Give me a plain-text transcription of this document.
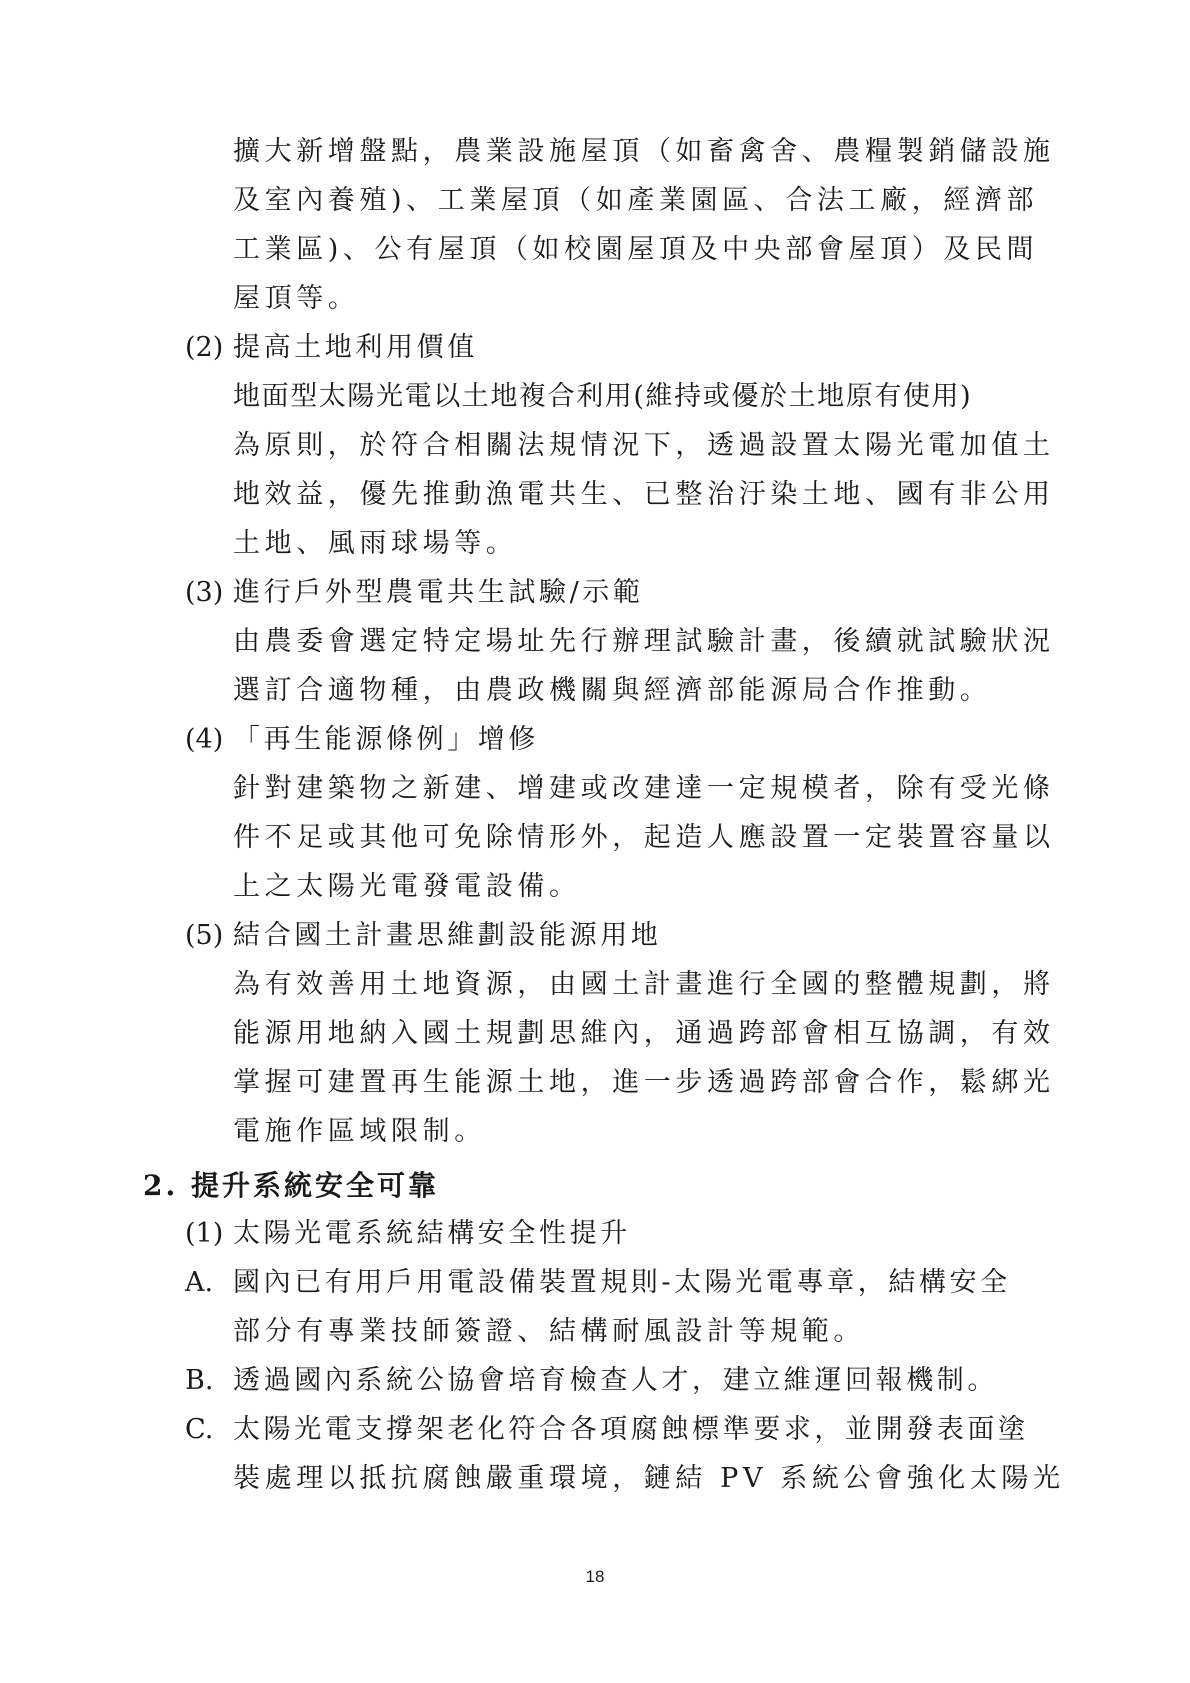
擴大新增盤點，農業設施屋頂（如畜禽舍、農糧製銷儲設施
及室內養殖)、工業屋頂（如產業園區、合法工廠，經濟部
工業區)、公有屋頂（如校園屋頂及中央部會屋頂）及民間
屋頂等。
(2) 提高土地利用價值
地面型太陽光電以土地複合利用(維持或優於土地原有使用)
為原則，於符合相關法規情況下，透過設置太陽光電加值土
地效益，優先推動漁電共生、已整治汙染土地、國有非公用
土地、風雨球場等。
(3) 進行戶外型農電共生試驗/示範
由農委會選定特定場址先行辦理試驗計畫，後續就試驗狀況
選訂合適物種，由農政機關與經濟部能源局合作推動。
(4) 「再生能源條例」增修
針對建築物之新建、增建或改建達一定規模者，除有受光條
件不足或其他可免除情形外，起造人應設置一定裝置容量以
上之太陽光電發電設備。
(5) 結合國土計畫思維劃設能源用地
為有效善用土地資源，由國土計畫進行全國的整體規劃，將
能源用地納入國土規劃思維內，通過跨部會相互協調，有效
掌握可建置再生能源土地，進一步透過跨部會合作，鬆綁光
電施作區域限制。
2. 提升系統安全可靠
(1) 太陽光電系統結構安全性提升
A. 國內已有用戶用電設備裝置規則-太陽光電專章，結構安全
部分有專業技師簽證、結構耐風設計等規範。
B. 透過國內系統公協會培育檢查人才，建立維運回報機制。
C. 太陽光電支撐架老化符合各項腐蝕標準要求，並開發表面塗
裝處理以抵抗腐蝕嚴重環境，鏈結 PV 系統公會強化太陽光
18
